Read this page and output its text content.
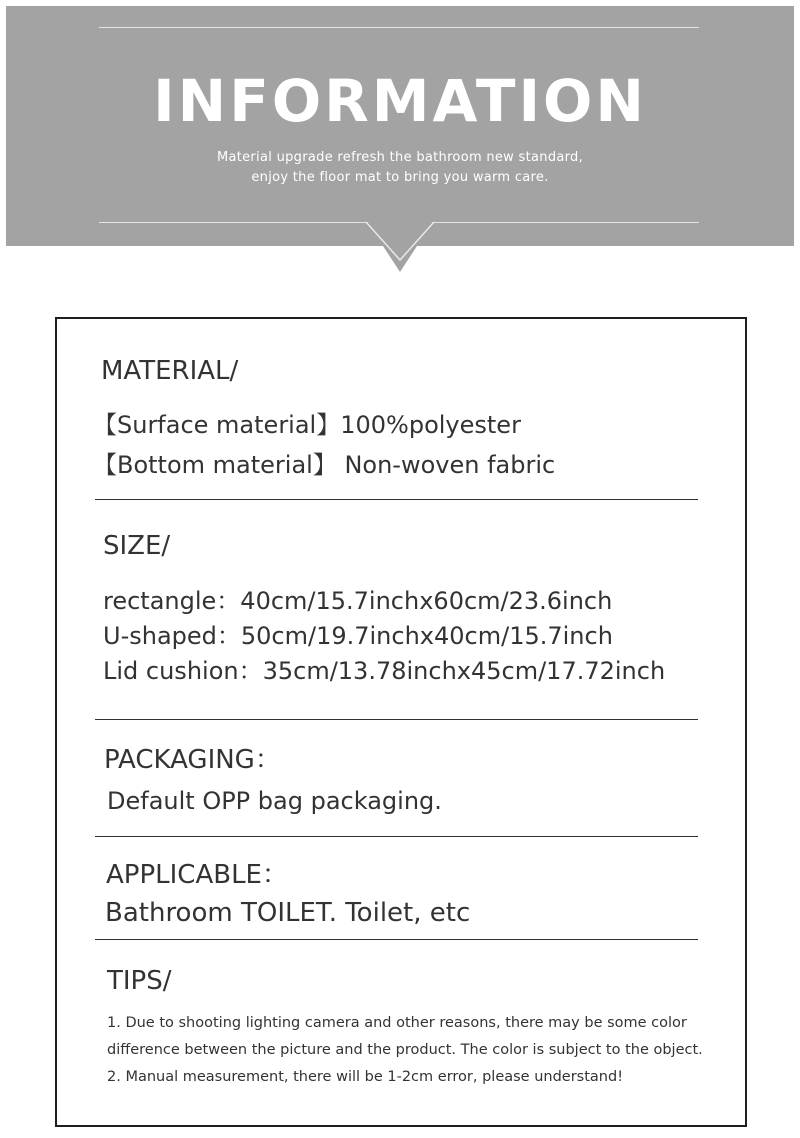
INFORMATION
Material upgrade refresh the bathroom new standard,
enjoy the floor mat to bring you warm care.
MATERIAL/
【Surface material】100%polyester
【Bottom material】 Non-woven fabric
SIZE/
rectangle：40cm/15.7inchx60cm/23.6inch
U-shaped：50cm/19.7inchx40cm/15.7inch
Lid cushion：35cm/13.78inchx45cm/17.72inch
PACKAGING：
Default OPP bag packaging.
APPLICABLE：
Bathroom TOILET. Toilet, etc
TIPS/
1. Due to shooting lighting camera and other reasons, there may be some color
difference between the picture and the product. The color is subject to the object.
2. Manual measurement, there will be 1-2cm error, please understand!
